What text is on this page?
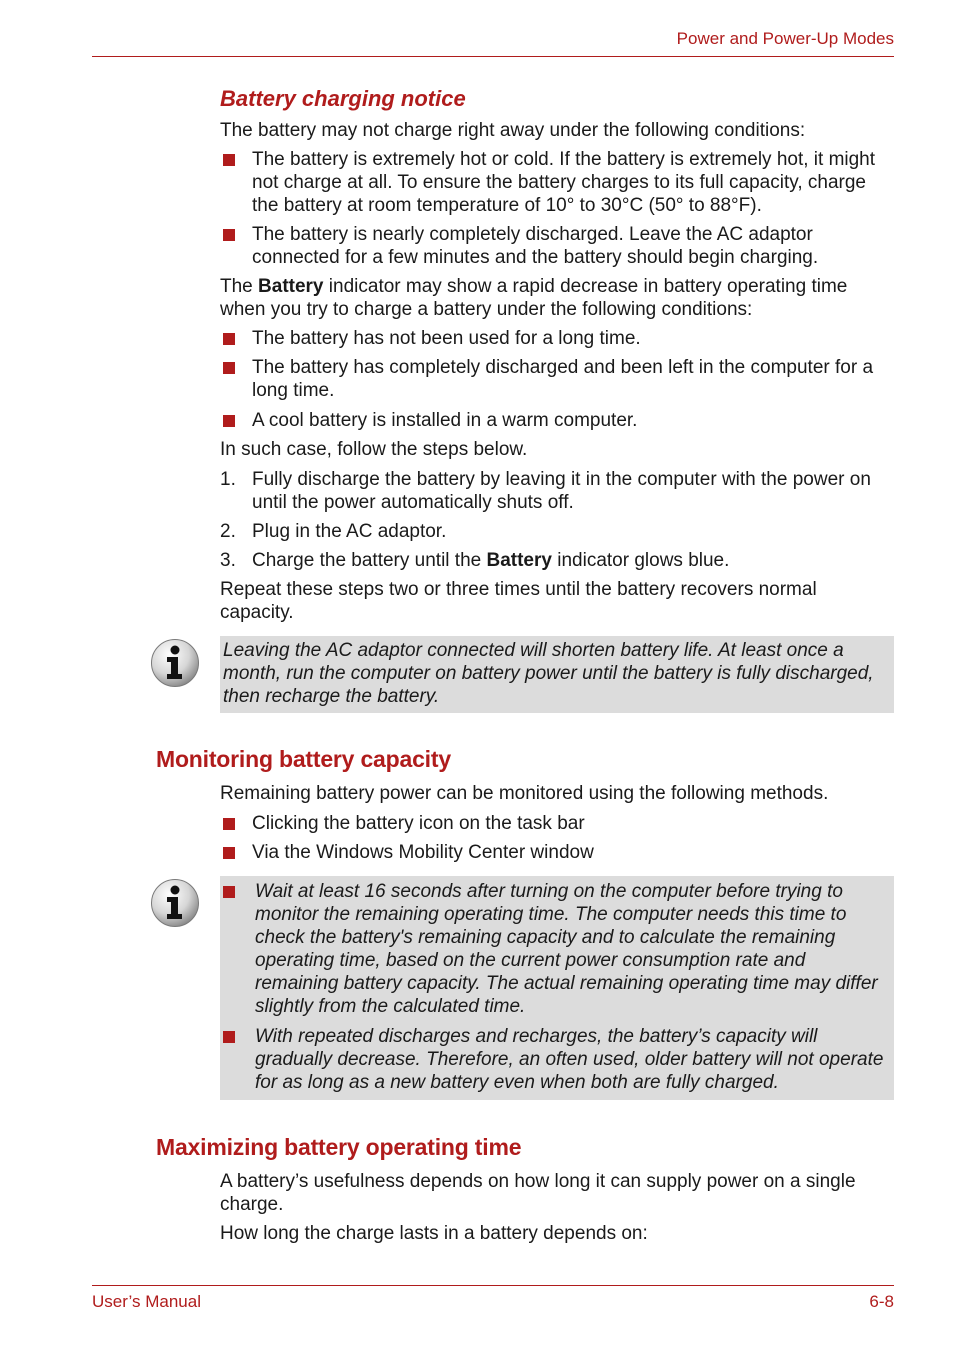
Power and Power-Up Modes
Battery charging notice
The battery may not charge right away under the following conditions:
The battery is extremely hot or cold. If the battery is extremely hot, it might not charge at all. To ensure the battery charges to its full capacity, charge the battery at room temperature of 10° to 30°C (50° to 88°F).
The battery is nearly completely discharged. Leave the AC adaptor connected for a few minutes and the battery should begin charging.
The Battery indicator may show a rapid decrease in battery operating time when you try to charge a battery under the following conditions:
The battery has not been used for a long time.
The battery has completely discharged and been left in the computer for a long time.
A cool battery is installed in a warm computer.
In such case, follow the steps below.
1. Fully discharge the battery by leaving it in the computer with the power on until the power automatically shuts off.
2. Plug in the AC adaptor.
3. Charge the battery until the Battery indicator glows blue.
Repeat these steps two or three times until the battery recovers normal capacity.
Leaving the AC adaptor connected will shorten battery life. At least once a month, run the computer on battery power until the battery is fully discharged, then recharge the battery.
Monitoring battery capacity
Remaining battery power can be monitored using the following methods.
Clicking the battery icon on the task bar
Via the Windows Mobility Center window
Wait at least 16 seconds after turning on the computer before trying to monitor the remaining operating time. The computer needs this time to check the battery's remaining capacity and to calculate the remaining operating time, based on the current power consumption rate and remaining battery capacity. The actual remaining operating time may differ slightly from the calculated time.
With repeated discharges and recharges, the battery’s capacity will gradually decrease. Therefore, an often used, older battery will not operate for as long as a new battery even when both are fully charged.
Maximizing battery operating time
A battery’s usefulness depends on how long it can supply power on a single charge.
How long the charge lasts in a battery depends on:
User’s Manual	6-8
